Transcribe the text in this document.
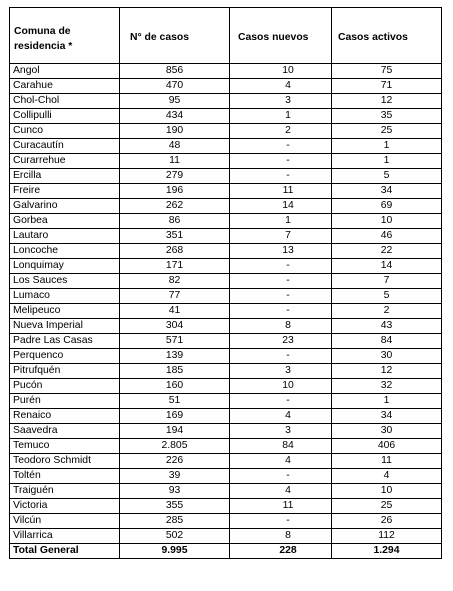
Comuna de residencia *	N° de casos	Casos nuevos	Casos activos
Angol	856	10	75
Carahue	470	4	71
Chol-Chol	95	3	12
Collipulli	434	1	35
Cunco	190	2	25
Curacautín	48	-	1
Curarrehue	11	-	1
Ercilla	279	-	5
Freire	196	11	34
Galvarino	262	14	69
Gorbea	86	1	10
Lautaro	351	7	46
Loncoche	268	13	22
Lonquimay	171	-	14
Los Sauces	82	-	7
Lumaco	77	-	5
Melipeuco	41	-	2
Nueva Imperial	304	8	43
Padre Las Casas	571	23	84
Perquenco	139	-	30
Pitrufquén	185	3	12
Pucón	160	10	32
Purén	51	-	1
Renaico	169	4	34
Saavedra	194	3	30
Temuco	2.805	84	406
Teodoro Schmidt	226	4	11
Toltén	39	-	4
Traiguén	93	4	10
Victoria	355	11	25
Vilcún	285	-	26
Villarrica	502	8	112
Total General	9.995	228	1.294
